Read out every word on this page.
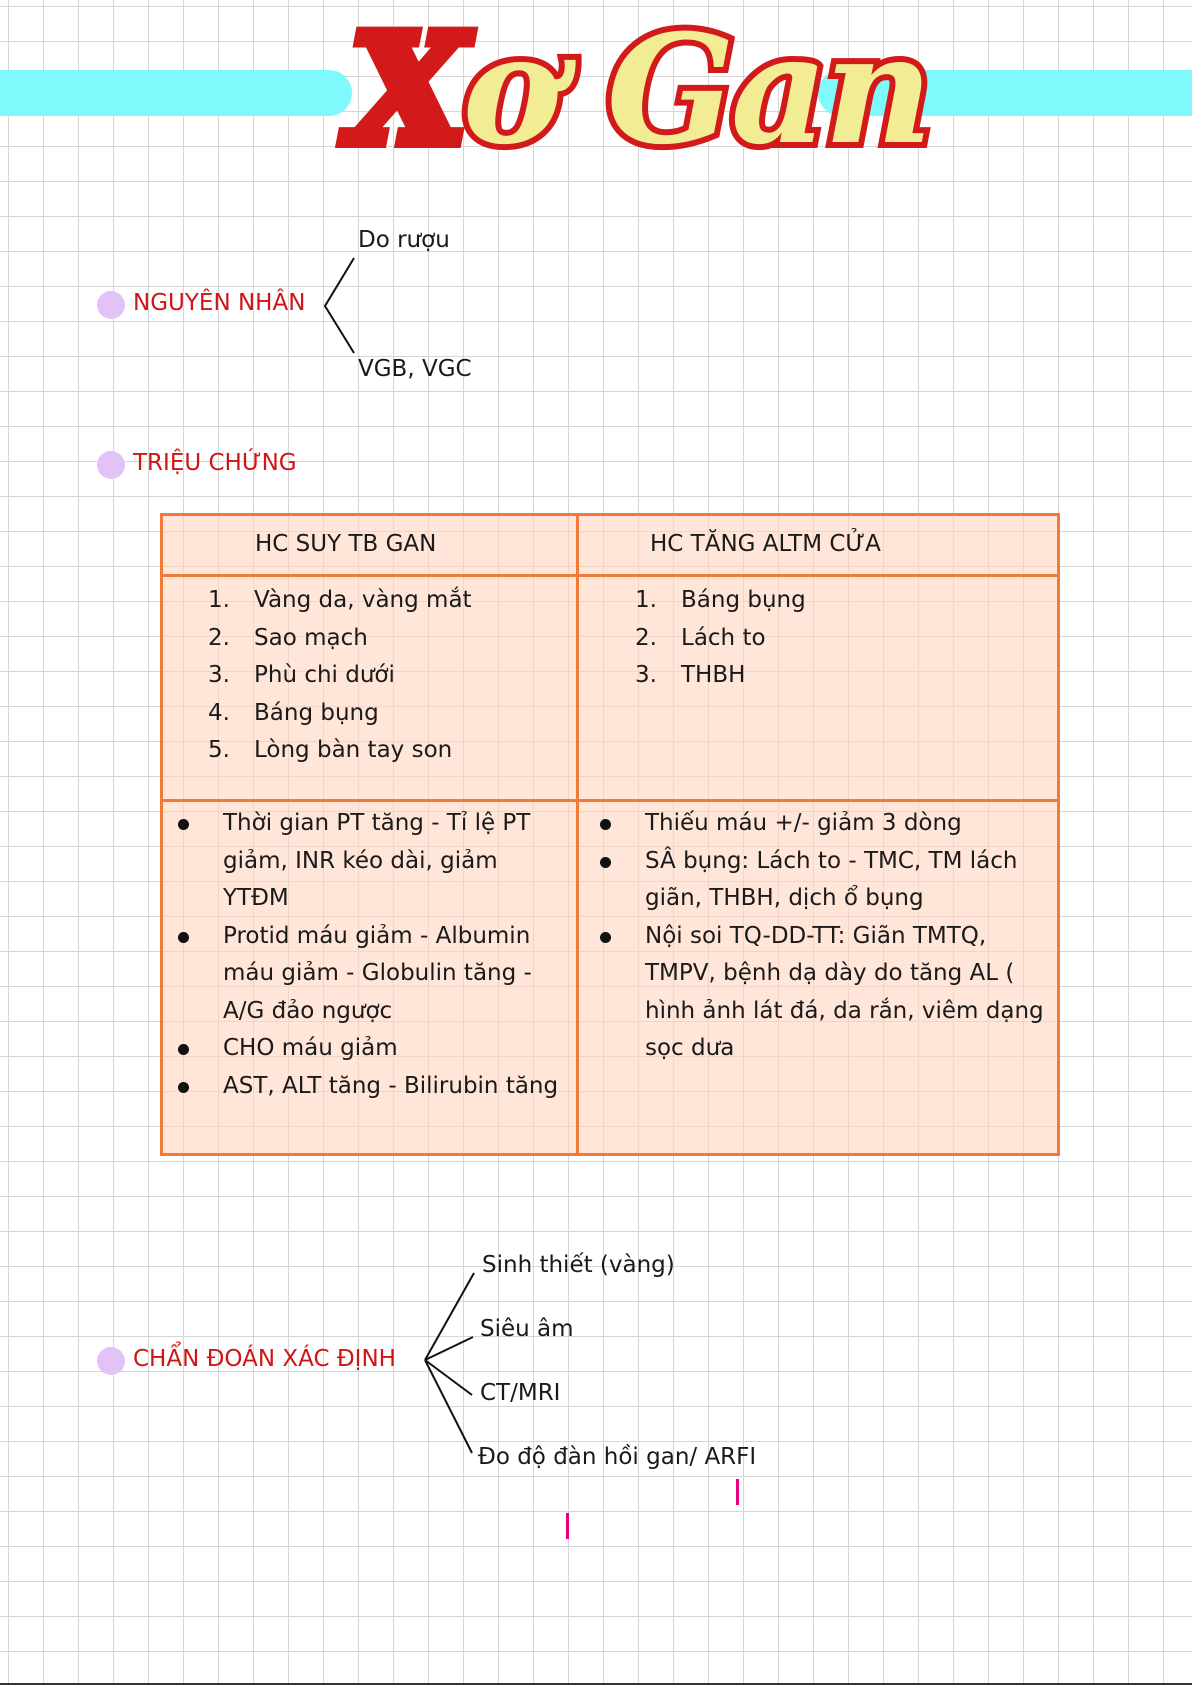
Xơ Gan
NGUYÊN NHÂN
Do rượu
VGB, VGC
TRIỆU CHỨNG
HC SUY TB GAN	HC TĂNG ALTM CỬA
1. Vàng da, vàng mắt
2. Sao mạch
3. Phù chi dưới
4. Báng bụng
5. Lòng bàn tay son
1. Báng bụng
2. Lách to
3. THBH
Thời gian PT tăng - Tỉ lệ PT giảm, INR kéo dài, giảm YTĐM
Protid máu giảm - Albumin máu giảm - Globulin tăng - A/G đảo ngược
CHO máu giảm
AST, ALT tăng - Bilirubin tăng
Thiếu máu +/- giảm 3 dòng
SÂ bụng: Lách to - TMC, TM lách giãn, THBH, dịch ổ bụng
Nội soi TQ-DD-TT: Giãn TMTQ, TMPV, bệnh dạ dày do tăng AL ( hình ảnh lát đá, da rắn, viêm dạng sọc dưa
CHẨN ĐOÁN XÁC ĐỊNH
Sinh thiết (vàng)
Siêu âm
CT/MRI
Đo độ đàn hồi gan/ ARFI
